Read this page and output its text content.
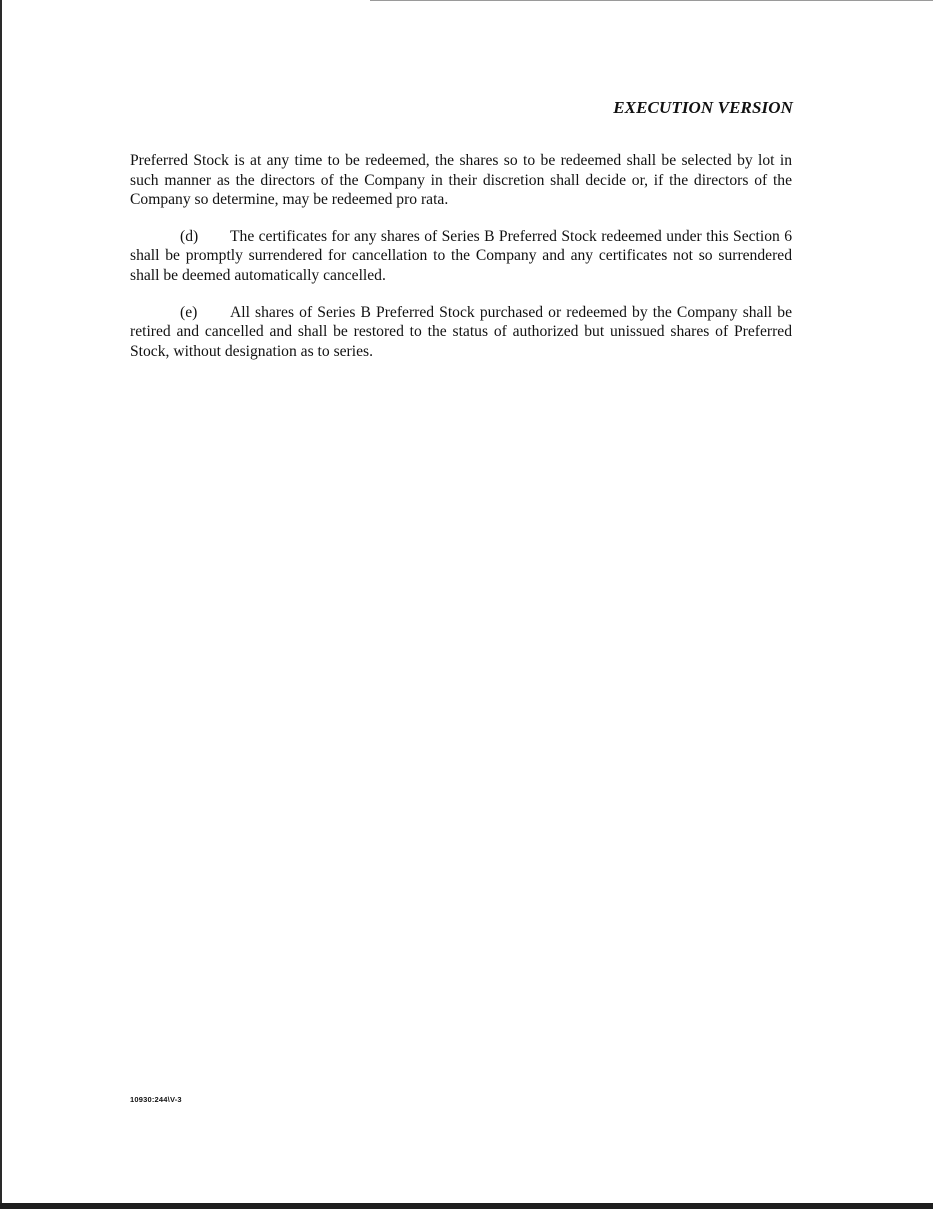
EXECUTION VERSION

Preferred Stock is at any time to be redeemed, the shares so to be redeemed shall be selected by lot in such manner as the directors of the Company in their discretion shall decide or, if the directors of the Company so determine, may be redeemed pro rata.

(d) The certificates for any shares of Series B Preferred Stock redeemed under this Section 6 shall be promptly surrendered for cancellation to the Company and any certificates not so surrendered shall be deemed automatically cancelled.

(e) All shares of Series B Preferred Stock purchased or redeemed by the Company shall be retired and cancelled and shall be restored to the status of authorized but unissued shares of Preferred Stock, without designation as to series.

10930:244\V-3
